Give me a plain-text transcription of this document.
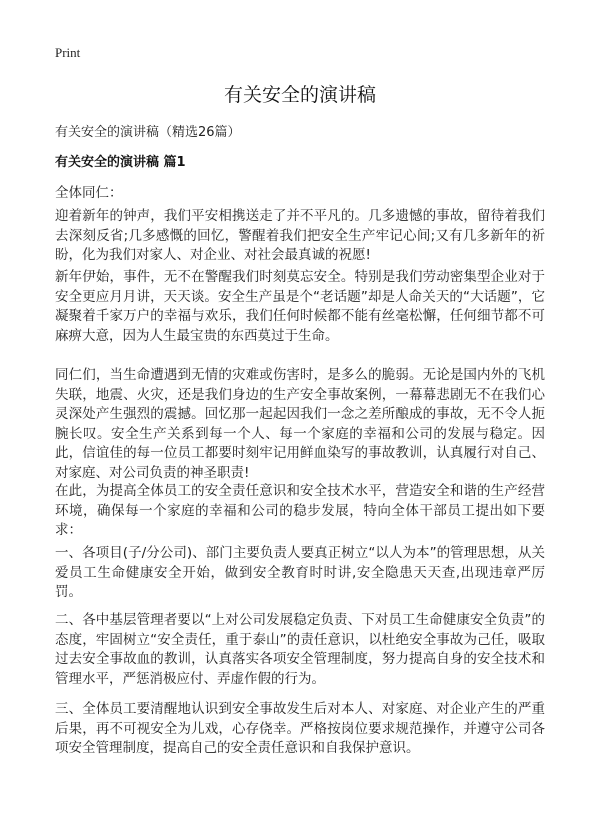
Print
有关安全的演讲稿
有关安全的演讲稿（精选26篇）
有关安全的演讲稿 篇1
全体同仁：

迎着新年的钟声，我们平安相携送走了并不平凡的。几多遗憾的事故，留待着我们去深刻反省;几多感慨的回忆，警醒着我们把安全生产牢记心间;又有几多新年的祈盼，化为我们对家人、对企业、对社会最真诚的祝愿!

新年伊始，事件，无不在警醒我们时刻莫忘安全。特别是我们劳动密集型企业对于安全更应月月讲，天天谈。安全生产虽是个“老话题”却是人命关天的“大话题”，它凝聚着千家万户的幸福与欢乐，我们任何时候都不能有丝毫松懈，任何细节都不可麻痹大意，因为人生最宝贵的东西莫过于生命。

同仁们，当生命遭遇到无情的灾难或伤害时，是多么的脆弱。无论是国内外的飞机失联，地震、火灾，还是我们身边的生产安全事故案例，一幕幕悲剧无不在我们心灵深处产生强烈的震撼。回忆那一起起因我们一念之差所酿成的事故，无不令人扼腕长叹。安全生产关系到每一个人、每一个家庭的幸福和公司的发展与稳定。因此，信谊佳的每一位员工都要时刻牢记用鲜血染写的事故教训，认真履行对自己、对家庭、对公司负责的神圣职责!

在此，为提高全体员工的安全责任意识和安全技术水平，营造安全和谐的生产经营环境，确保每一个家庭的幸福和公司的稳步发展，特向全体干部员工提出如下要求：

一、各项目(子/分公司)、部门主要负责人要真正树立“以人为本”的管理思想，从关爱员工生命健康安全开始，做到安全教育时时讲,安全隐患天天查,出现违章严厉罚。

二、各中基层管理者要以“上对公司发展稳定负责、下对员工生命健康安全负责”的态度，牢固树立“安全责任，重于泰山”的责任意识，以杜绝安全事故为己任，吸取过去安全事故血的教训，认真落实各项安全管理制度，努力提高自身的安全技术和管理水平，严惩消极应付、弄虚作假的行为。

三、全体员工要清醒地认识到安全事故发生后对本人、对家庭、对企业产生的严重后果，再不可视安全为儿戏，心存侥幸。严格按岗位要求规范操作，并遵守公司各项安全管理制度，提高自己的安全责任意识和自我保护意识。
